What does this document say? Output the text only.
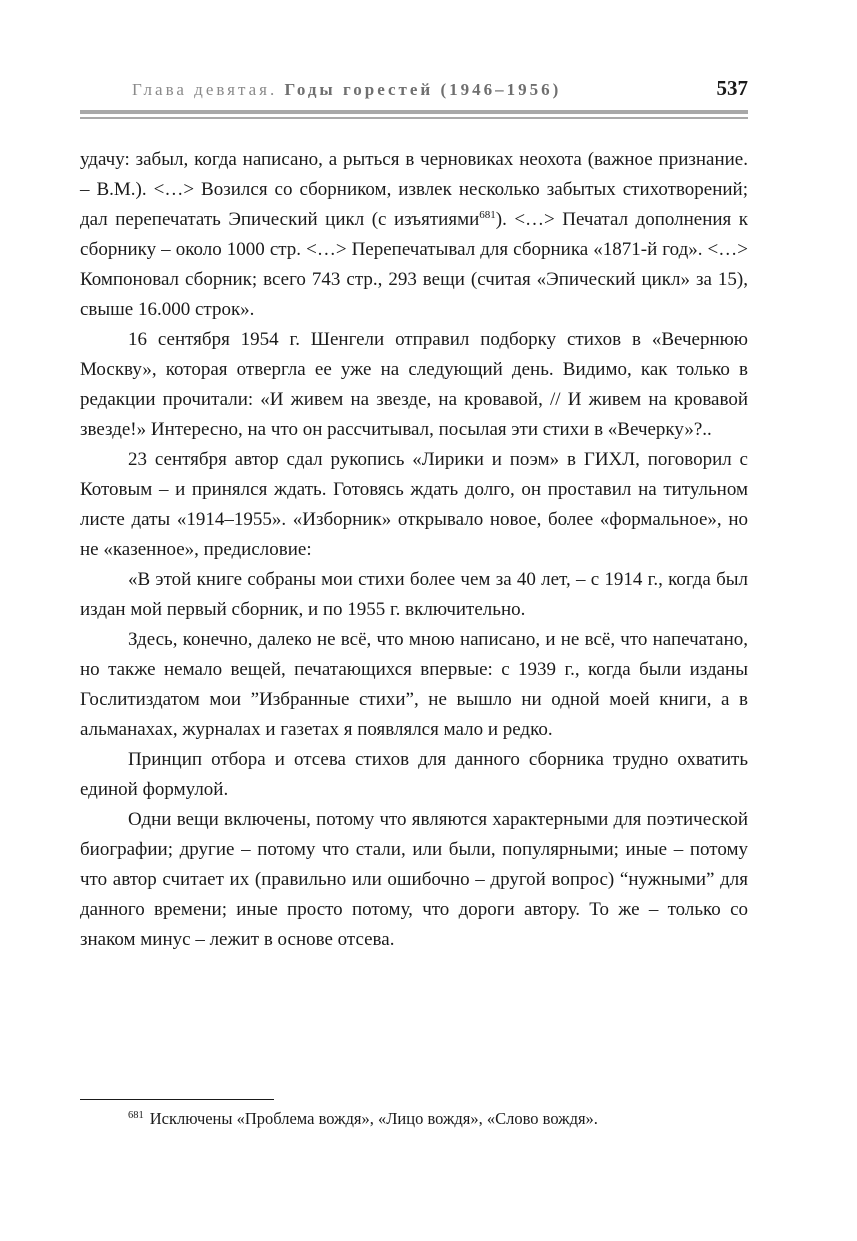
Глава девятая. Годы горестей (1946–1956)	537

удачу: забыл, когда написано, а рыться в черновиках неохота (важное признание. – В.М.). <…> Возился со сборником, извлек несколько забытых стихотворений; дал перепечатать Эпический цикл (с изъятиями$^{681}$). <…> Печатал дополнения к сборнику – около 1000 стр. <…> Перепечатывал для сборника «1871-й год». <…> Компоновал сборник; всего 743 стр., 293 вещи (считая «Эпический цикл» за 15), свыше 16.000 строк».

16 сентября 1954 г. Шенгели отправил подборку стихов в «Вечернюю Москву», которая отвергла ее уже на следующий день. Видимо, как только в редакции прочитали: «И живем на звезде, на кровавой, // И живем на кровавой звезде!» Интересно, на что он рассчитывал, посылая эти стихи в «Вечерку»?..

23 сентября автор сдал рукопись «Лирики и поэм» в ГИХЛ, поговорил с Котовым – и принялся ждать. Готовясь ждать долго, он проставил на титульном листе даты «1914–1955». «Изборник» открывало новое, более «формальное», но не «казенное», предисловие:

«В этой книге собраны мои стихи более чем за 40 лет, – с 1914 г., когда был издан мой первый сборник, и по 1955 г. включительно.

Здесь, конечно, далеко не всё, что мною написано, и не всё, что напечатано, но также немало вещей, печатающихся впервые: с 1939 г., когда были изданы Гослитиздатом мои ”Избранные стихи”, не вышло ни одной моей книги, а в альманахах, журналах и газетах я появлялся мало и редко.

Принцип отбора и отсева стихов для данного сборника трудно охватить единой формулой.

Одни вещи включены, потому что являются характерными для поэтической биографии; другие – потому что стали, или были, популярными; иные – потому что автор считает их (правильно или ошибочно – другой вопрос) “нужными” для данного времени; иные просто потому, что дороги автору. То же – только со знаком минус – лежит в основе отсева.

$^{681}$ Исключены «Проблема вождя», «Лицо вождя», «Слово вождя».
